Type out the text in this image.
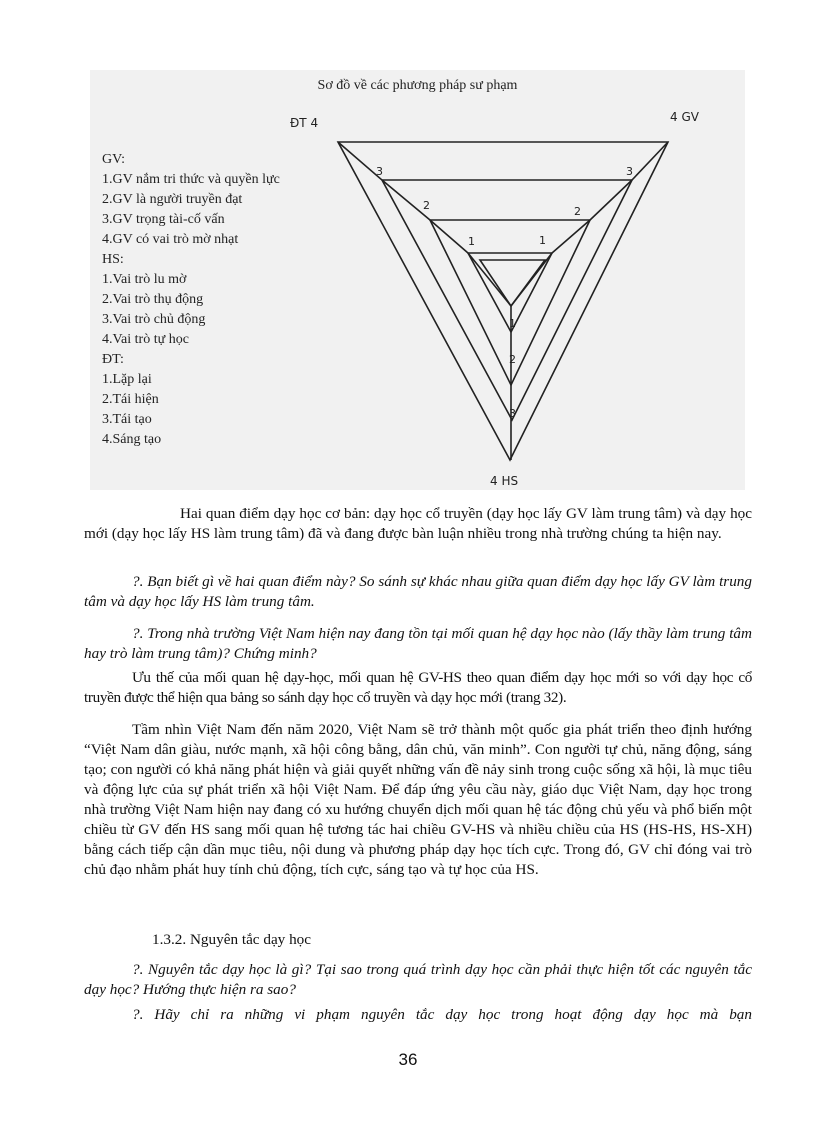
Sơ đồ về các phương pháp sư phạm
ĐT 4	4 GV
4 HS
GV:
1.GV nắm tri thức và quyền lực
2.GV là người truyền đạt
3.GV trọng tài-cố vấn
4.GV có vai trò mờ nhạt
HS:
1.Vai trò lu mờ
2.Vai trò thụ động
3.Vai trò chủ động
4.Vai trò tự học
ĐT:
1.Lặp lại
2.Tái hiện
3.Tái tạo
4.Sáng tạo
3	3
2	2
1	1
1
2
3

Hai quan điểm dạy học cơ bản: dạy học cổ truyền (dạy học lấy GV làm trung tâm) và dạy học mới (dạy học lấy HS làm trung tâm) đã và đang được bàn luận nhiều trong nhà trường chúng ta hiện nay.

?. Bạn biết gì về hai quan điểm này? So sánh sự khác nhau giữa quan điểm dạy học lấy GV làm trung tâm và dạy học lấy HS làm trung tâm.

?. Trong nhà trường Việt Nam hiện nay đang tồn tại mối quan hệ dạy học nào (lấy thầy làm trung tâm hay trò làm trung tâm)? Chứng minh?

Ưu thế của mối quan hệ dạy-học, mối quan hệ GV-HS theo quan điểm dạy học mới so với dạy học cổ truyền được thể hiện qua bảng so sánh dạy học cổ truyền và dạy học mới (trang 32).

Tầm nhìn Việt Nam đến năm 2020, Việt Nam sẽ trở thành một quốc gia phát triển theo định hướng “Việt Nam dân giàu, nước mạnh, xã hội công bằng, dân chủ, văn minh”. Con người tự chủ, năng động, sáng tạo; con người có khả năng phát hiện và giải quyết những vấn đề nảy sinh trong cuộc sống xã hội, là mục tiêu và động lực của sự phát triển xã hội Việt Nam. Để đáp ứng yêu cầu này, giáo dục Việt Nam, dạy học trong nhà trường Việt Nam hiện nay đang có xu hướng chuyển dịch mối quan hệ tác động chủ yếu và phổ biến một chiều từ GV đến HS sang mối quan hệ tương tác hai chiều GV-HS và nhiều chiều của HS (HS-HS, HS-XH) bằng cách tiếp cận dần mục tiêu, nội dung và phương pháp dạy học tích cực. Trong đó, GV chỉ đóng vai trò chủ đạo nhằm phát huy tính chủ động, tích cực, sáng tạo và tự học của HS.

1.3.2. Nguyên tắc dạy học

?. Nguyên tắc dạy học là gì? Tại sao trong quá trình dạy học cần phải thực hiện tốt các nguyên tắc dạy học? Hướng thực hiện ra sao?

?. Hãy chỉ ra những vi phạm nguyên tắc dạy học trong hoạt động dạy học mà bạn

36
